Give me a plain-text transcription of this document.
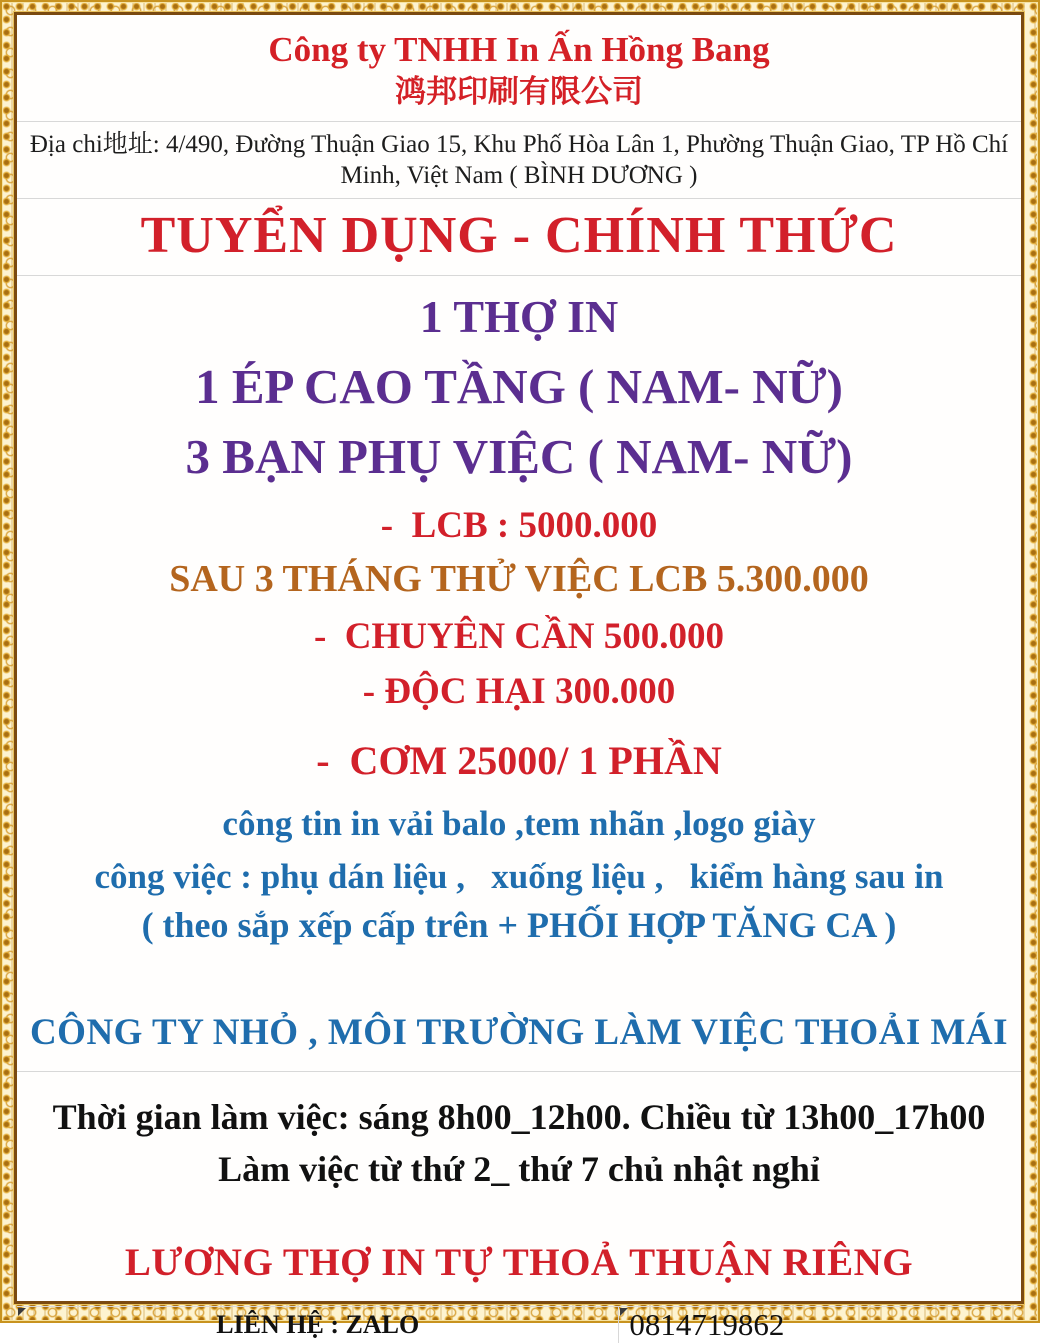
Công ty TNHH In Ấn Hồng Bang
鸿邦印刷有限公司
Địa chi地址: 4/490, Đường Thuận Giao 15, Khu Phố Hòa Lân 1, Phường Thuận Giao, TP Hồ Chí Minh, Việt Nam ( BÌNH DƯƠNG )
TUYỂN DỤNG - CHÍNH THỨC
1 THỢ IN
1 ÉP CAO TẦNG ( NAM- NỮ)
3 BẠN PHỤ VIỆC ( NAM- NỮ)
-  LCB : 5000.000
SAU 3 THÁNG THỬ VIỆC LCB 5.300.000
-  CHUYÊN CẦN 500.000
- ĐỘC HẠI 300.000
-  CƠM 25000/ 1 PHẦN
công tin in vải balo ,tem nhãn ,logo giày
công việc : phụ dán liệu ,   xuống liệu ,   kiểm hàng sau in
( theo sắp xếp cấp trên + PHỐI HỢP TĂNG CA )
CÔNG TY NHỎ , MÔI TRƯỜNG LÀM VIỆC THOẢI MÁI
Thời gian làm việc: sáng 8h00_12h00. Chiều từ 13h00_17h00
Làm việc từ thứ 2_ thứ 7 chủ nhật nghỉ
LƯƠNG THỢ IN TỰ THOẢ THUẬN RIÊNG
LIÊN HỆ : ZALO	0814719862
